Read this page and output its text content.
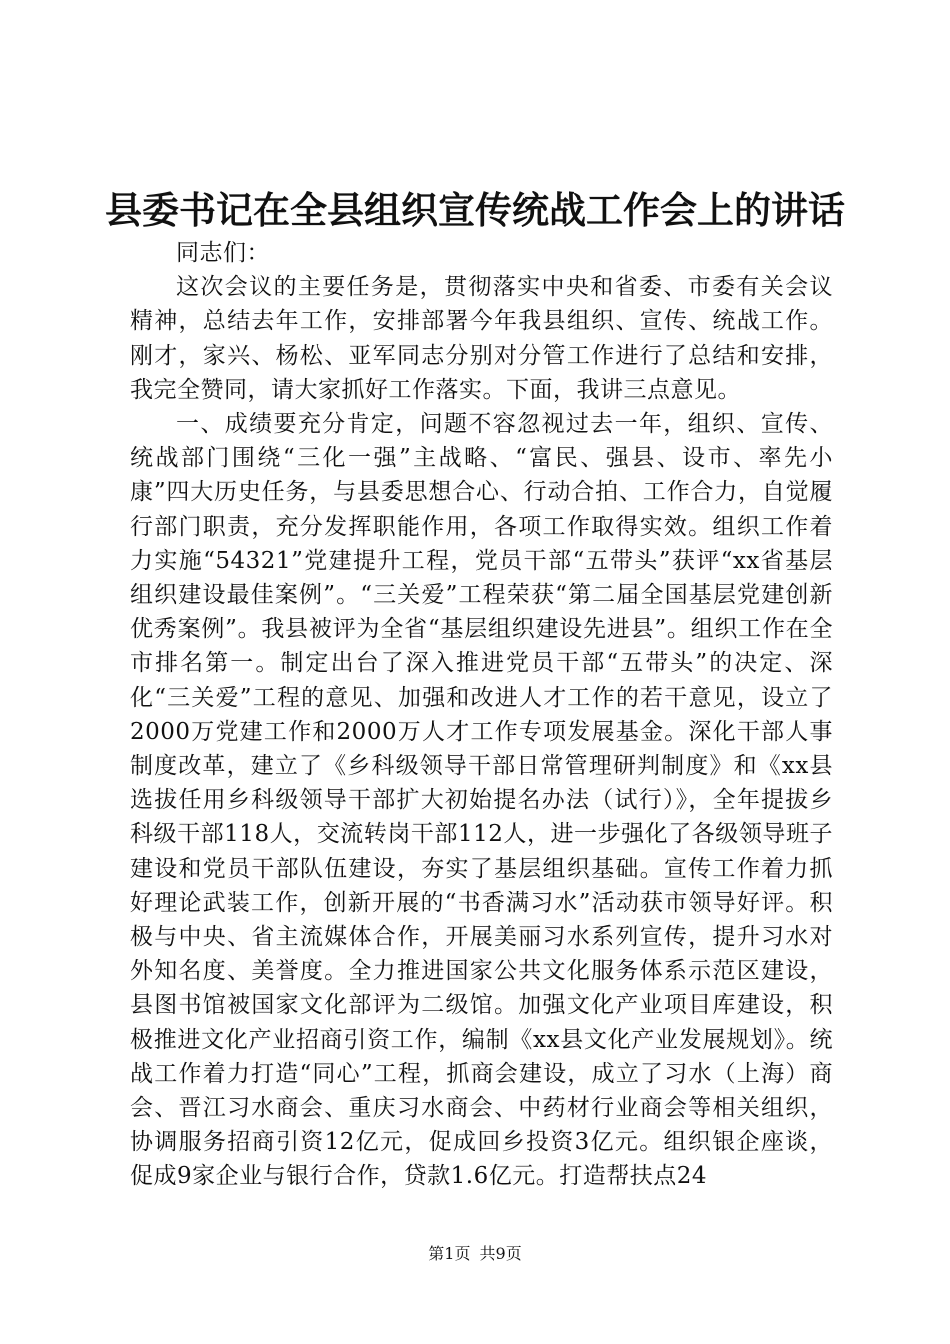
县委书记在全县组织宣传统战工作会上的讲话

同志们：

这次会议的主要任务是，贯彻落实中央和省委、市委有关会议精神，总结去年工作，安排部署今年我县组织、宣传、统战工作。刚才，家兴、杨松、亚军同志分别对分管工作进行了总结和安排，我完全赞同，请大家抓好工作落实。下面，我讲三点意见。

一、成绩要充分肯定，问题不容忽视过去一年，组织、宣传、统战部门围绕“三化一强”主战略、“富民、强县、设市、率先小康”四大历史任务，与县委思想合心、行动合拍、工作合力，自觉履行部门职责，充分发挥职能作用，各项工作取得实效。组织工作着力实施“54321”党建提升工程，党员干部“五带头”获评“xx省基层组织建设最佳案例”。“三关爱”工程荣获“第二届全国基层党建创新优秀案例”。我县被评为全省“基层组织建设先进县”。组织工作在全市排名第一。制定出台了深入推进党员干部“五带头”的决定、深化“三关爱”工程的意见、加强和改进人才工作的若干意见，设立了2000万党建工作和2000万人才工作专项发展基金。深化干部人事制度改革，建立了《乡科级领导干部日常管理研判制度》和《xx县选拔任用乡科级领导干部扩大初始提名办法（试行）》，全年提拔乡科级干部118人，交流转岗干部112人，进一步强化了各级领导班子建设和党员干部队伍建设，夯实了基层组织基础。宣传工作着力抓好理论武装工作，创新开展的“书香满习水”活动获市领导好评。积极与中央、省主流媒体合作，开展美丽习水系列宣传，提升习水对外知名度、美誉度。全力推进国家公共文化服务体系示范区建设，县图书馆被国家文化部评为二级馆。加强文化产业项目库建设，积极推进文化产业招商引资工作，编制《xx县文化产业发展规划》。统战工作着力打造“同心”工程，抓商会建设，成立了习水（上海）商会、晋江习水商会、重庆习水商会、中药材行业商会等相关组织，协调服务招商引资12亿元，促成回乡投资3亿元。组织银企座谈，促成9家企业与银行合作，贷款1.6亿元。打造帮扶点24

第1页 共9页
